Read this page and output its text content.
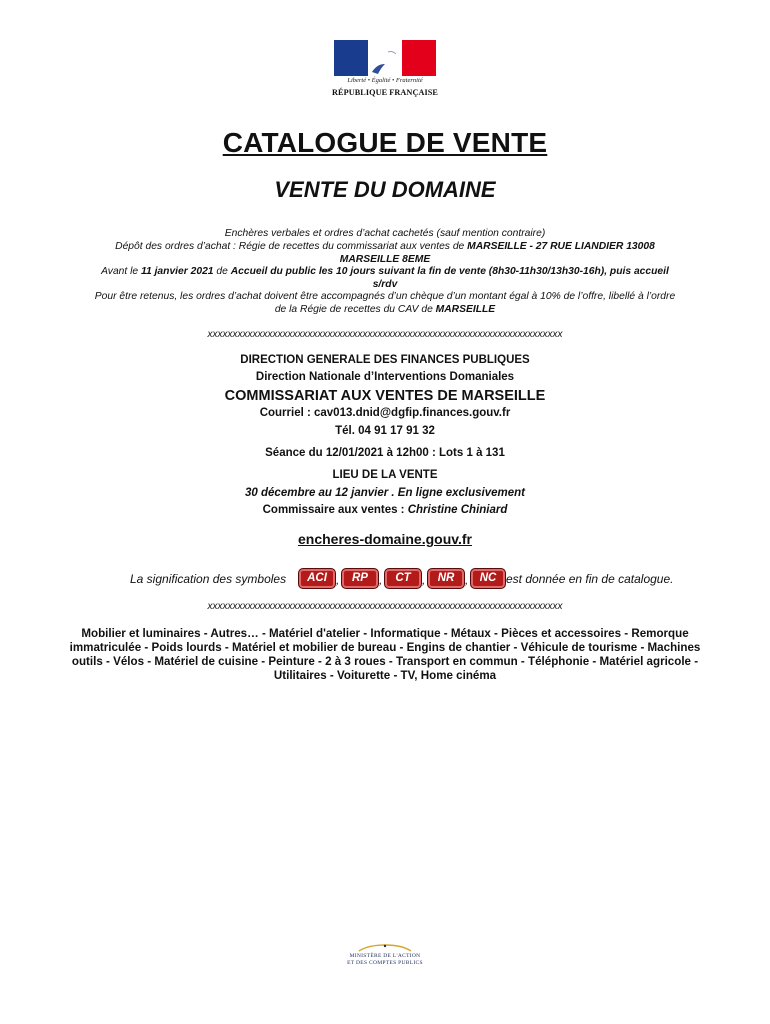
Liberté • Égalité • Fraternité
RÉPUBLIQUE FRANÇAISE
CATALOGUE DE VENTE
VENTE DU DOMAINE
Enchères verbales et ordres d’achat cachetés (sauf mention contraire)
Dépôt des ordres d’achat : Régie de recettes du commissariat aux ventes de MARSEILLE - 27 RUE LIANDIER 13008
MARSEILLE 8EME
Avant le 11 janvier 2021 de Accueil du public les 10 jours suivant la fin de vente (8h30-11h30/13h30-16h), puis accueil
s/rdv
Pour être retenus, les ordres d’achat doivent être accompagnés d’un chèque d’un montant égal à 10% de l’offre, libellé à l’ordre
de la Régie de recettes du CAV de MARSEILLE
xxxxxxxxxxxxxxxxxxxxxxxxxxxxxxxxxxxxxxxxxxxxxxxxxxxxxxxxxxxxxxxxxxxxxxx
DIRECTION GENERALE DES FINANCES PUBLIQUES
Direction Nationale d’Interventions Domaniales
COMMISSARIAT AUX VENTES DE MARSEILLE
Courriel : cav013.dnid@dgfip.finances.gouv.fr
Tél. 04 91 17 91 32
Séance du 12/01/2021 à 12h00 : Lots 1 à 131
LIEU DE LA VENTE
30 décembre au 12 janvier . En ligne exclusivement
Commissaire aux ventes : Christine Chiniard
encheres-domaine.gouv.fr
La signification des symboles	ACI ,	RP ,	CT ,	NR , NC est donnée en fin de catalogue.
xxxxxxxxxxxxxxxxxxxxxxxxxxxxxxxxxxxxxxxxxxxxxxxxxxxxxxxxxxxxxxxxxxxxxxx
Mobilier et luminaires - Autres… - Matériel d'atelier - Informatique - Métaux - Pièces et accessoires - Remorque immatriculée - Poids lourds - Matériel et mobilier de bureau - Engins de chantier - Véhicule de tourisme - Machines outils - Vélos - Matériel de cuisine - Peinture - 2 à 3 roues - Transport en commun - Téléphonie - Matériel agricole - Utilitaires - Voiturette - TV, Home cinéma
MINISTÈRE DE L'ACTION
ET DES COMPTES PUBLICS
